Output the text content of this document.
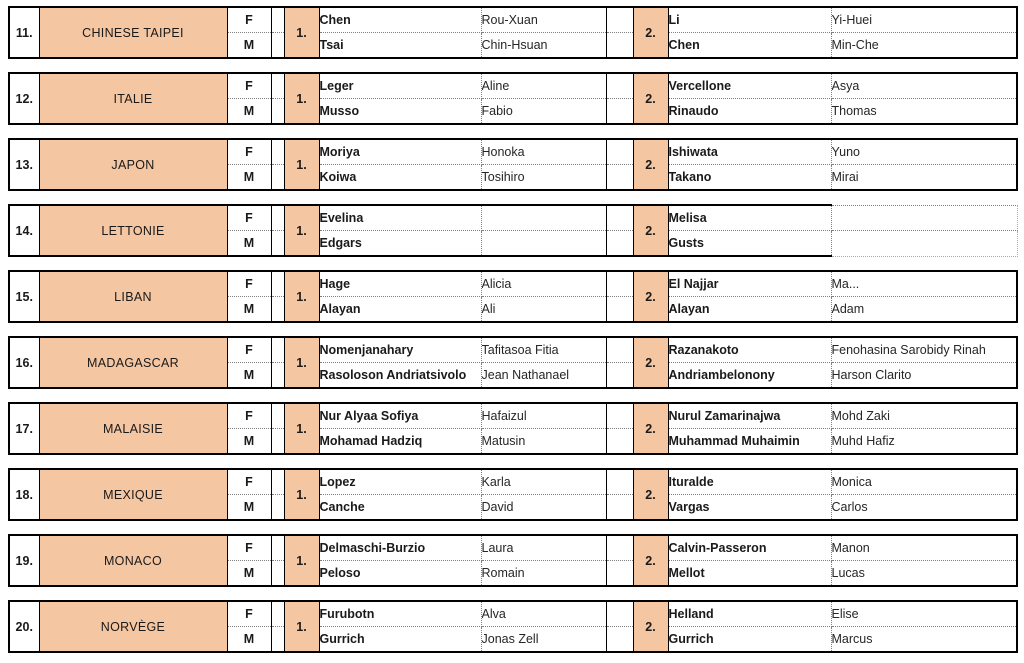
11.	CHINESE TAIPEI	F		1.	Chen	Rou-Xuan		2.	Li	Yi-Huei
		M			Tsai	Chin-Hsuan			Chen	Min-Che
12.	ITALIE	F		1.	Leger	Aline		2.	Vercellone	Asya
		M			Musso	Fabio			Rinaudo	Thomas
13.	JAPON	F		1.	Moriya	Honoka		2.	Ishiwata	Yuno
		M			Koiwa	Tosihiro			Takano	Mirai
14.	LETTONIE	F		1.	Evelina			2.	Melisa	
		M			Edgars				Gusts	
15.	LIBAN	F		1.	Hage	Alicia		2.	El Najjar	Ma...
		M			Alayan	Ali			Alayan	Adam
16.	MADAGASCAR	F		1.	Nomenjanahary	Tafitasoa Fitia		2.	Razanakoto	Fenohasina Sarobidy Rinah
		M			Rasoloson Andriatsivolo	Jean Nathanael			Andriambelonony	Harson Clarito
17.	MALAISIE	F		1.	Nur Alyaa Sofiya	Hafaizul		2.	Nurul Zamarinajwa	Mohd Zaki
		M			Mohamad Hadziq	Matusin			Muhammad Muhaimin	Muhd Hafiz
18.	MEXIQUE	F		1.	Lopez	Karla		2.	Ituralde	Monica
		M			Canche	David			Vargas	Carlos
19.	MONACO	F		1.	Delmaschi-Burzio	Laura		2.	Calvin-Passeron	Manon
		M			Peloso	Romain			Mellot	Lucas
20.	NORVÈGE	F		1.	Furubotn	Alva		2.	Helland	Elise
		M			Gurrich	Jonas Zell			Gurrich	Marcus
